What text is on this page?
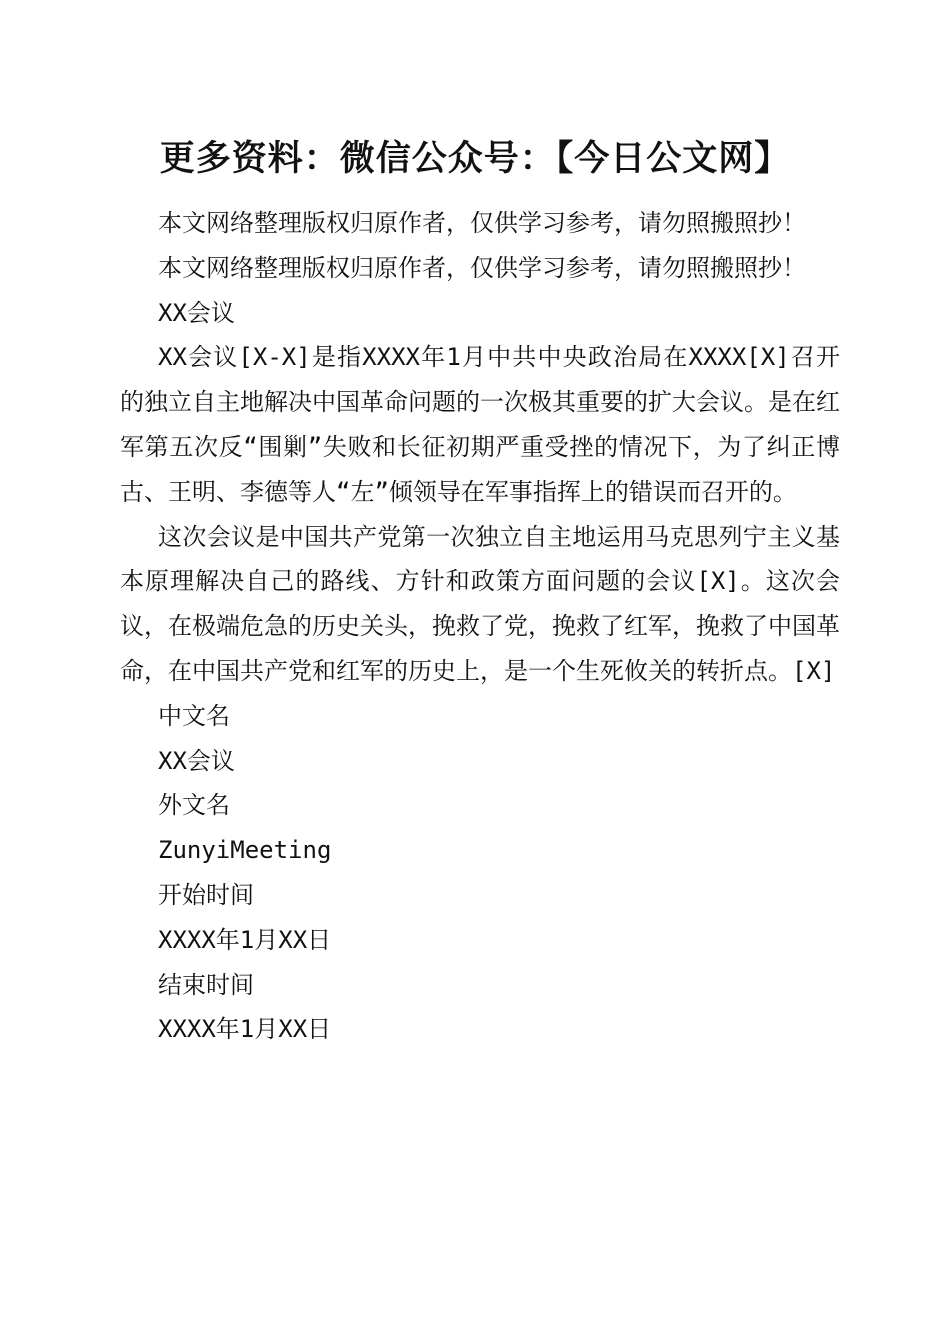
更多资料：微信公众号：【今日公文网】

本文网络整理版权归原作者，仅供学习参考，请勿照搬照抄！

本文网络整理版权归原作者，仅供学习参考，请勿照搬照抄！

XX会议

XX会议[X-X]是指XXXX年1月中共中央政治局在XXXX[X]召开的独立自主地解决中国革命问题的一次极其重要的扩大会议。是在红军第五次反“围剿”失败和长征初期严重受挫的情况下，为了纠正博古、王明、李德等人“左”倾领导在军事指挥上的错误而召开的。

这次会议是中国共产党第一次独立自主地运用马克思列宁主义基本原理解决自己的路线、方针和政策方面问题的会议[X]。这次会议，在极端危急的历史关头，挽救了党，挽救了红军，挽救了中国革命，在中国共产党和红军的历史上，是一个生死攸关的转折点。[X]

中文名

XX会议

外文名

ZunyiMeeting

开始时间

XXXX年1月XX日

结束时间

XXXX年1月XX日
